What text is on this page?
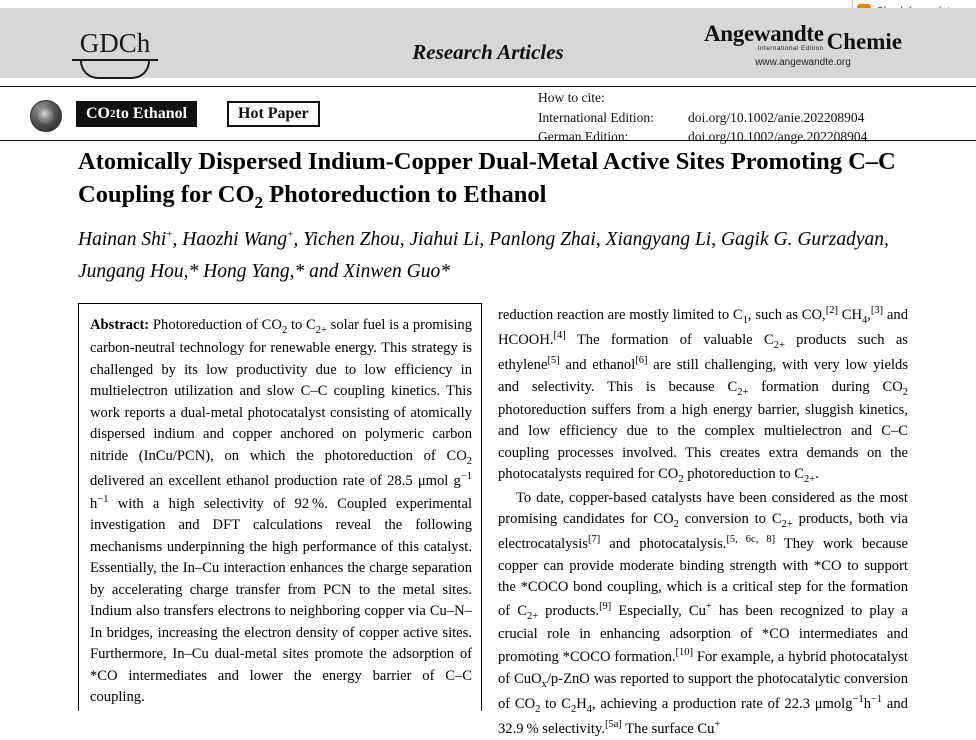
GDCh	Research Articles
Angewandte
International Edition Chemie
www.angewandte.org
CO 2 to Ethanol	Hot Paper
How to cite:
International Edition:	doi.org/10.1002/anie.202208904
German Edition:	doi.org/10.1002/ange.202208904
Atomically Dispersed Indium-Copper Dual-Metal Active Sites Promoting C–C Coupling for $CO_2$ Photoreduction to Ethanol
Hainan Shi+, Haozhi Wang+, Yichen Zhou, Jiahui Li, Panlong Zhai, Xiangyang Li, Gagik G. Gurzadyan, Jungang Hou,* Hong Yang,* and Xinwen Guo*
Abstract: Photoreduction of $CO_2$ to $C_{2+}$ solar fuel is a promising carbon-neutral technology for renewable energy. This strategy is challenged by its low productivity due to low efficiency in multielectron utilization and slow C–C coupling kinetics. This work reports a dual-metal photocatalyst consisting of atomically dispersed indium and copper anchored on polymeric carbon nitride (InCu/PCN), on which the photoreduction of $CO_2$ delivered an excellent ethanol production rate of 28.5 μmol $g^{-1}$ $h^{-1}$ with a high selectivity of 92 %. Coupled experimental investigation and DFT calculations reveal the following mechanisms underpinning the high performance of this catalyst. Essentially, the In–Cu interaction enhances the charge separation by accelerating charge transfer from PCN to the metal sites. Indium also transfers electrons to neighboring copper via Cu–N–In bridges, increasing the electron density of copper active sites. Furthermore, In–Cu dual-metal sites promote the adsorption of *CO intermediates and lower the energy barrier of C–C coupling.

reduction reaction are mostly limited to $C_1$, such as CO,[2] $CH_4,[3]$ and HCOOH.[4] The formation of valuable $C_{2+}$ products such as ethylene[5] and ethanol[6] are still challenging, with very low yields and selectivity. This is because $C_{2+}$ formation during $CO_2$ photoreduction suffers from a high energy barrier, sluggish kinetics, and low efficiency due to the complex multielectron and C–C coupling processes involved. This creates extra demands on the photocatalysts required for $CO_2$ photoreduction to $C_{2+}$.

To date, copper-based catalysts have been considered as the most promising candidates for $CO_2$ conversion to $C_{2+}$ products, both via electrocatalysis[7] and photocatalysis.[5, 6c, 8] They work because copper can provide moderate binding strength with *CO to support the *COCO bond coupling, which is a critical step for the formation of $C_{2+}$ products.[9] Especially, Cu+ has been recognized to play a crucial role in enhancing adsorption of *CO intermediates and promoting *COCO formation.[10] For example, a hybrid photocatalyst of CuO$_x$/p-ZnO was reported to support the photocatalytic conversion of $CO_2$ to $C_2H_4$, achieving a production rate of 22.3 $\mu molg^{-1}h^{-1}$ and 32.9 % selectivity.[5a] The surface Cu+
